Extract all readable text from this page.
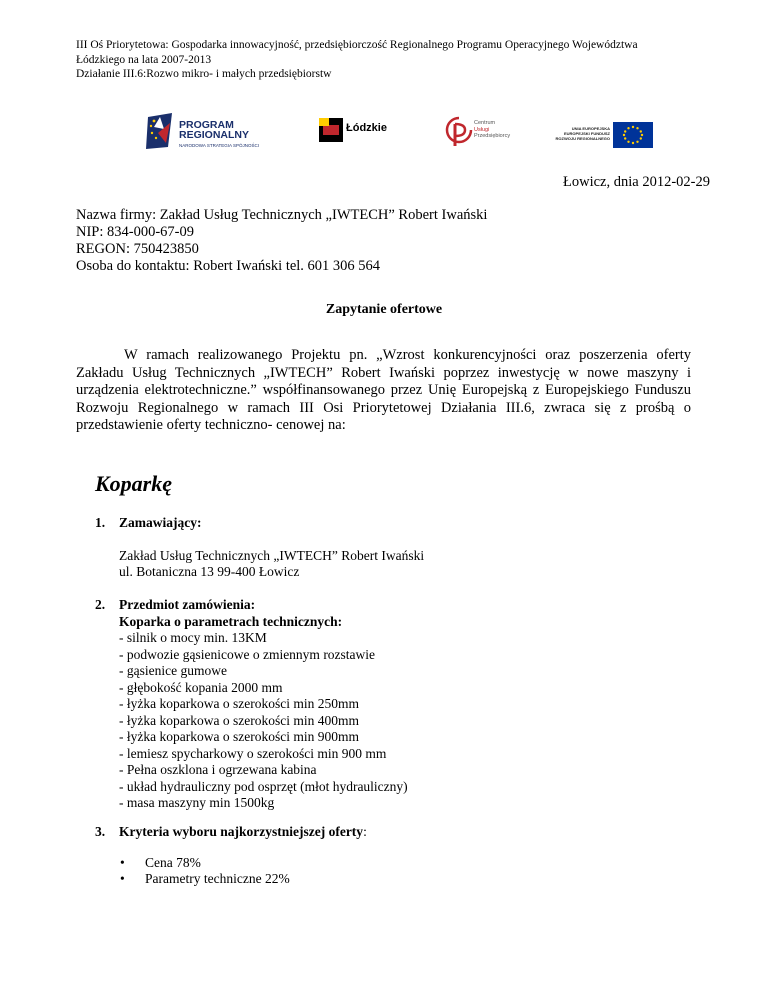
III Oś Priorytetowa: Gospodarka innowacyjność, przedsiębiorczość Regionalnego Programu Operacyjnego Województwa
Łódzkiego na lata 2007-2013
Działanie III.6:Rozwo mikro- i małych przedsiębiorstw
PROGRAM
REGIONALNY
NARODOWA STRATEGIA SPÓJNOŚCI
Łódzkie	Centrum
Usługi
Przedsiębiorcy
UNIA EUROPEJSKA
EUROPEJSKI FUNDUSZ
ROZWOJU REGIONALNEGO
Łowicz, dnia 2012-02-29
Nazwa firmy: Zakład Usług Technicznych „IWTECH” Robert Iwański
NIP: 834-000-67-09
REGON: 750423850
Osoba do kontaktu: Robert Iwański tel. 601 306 564
Zapytanie ofertowe
W ramach realizowanego Projektu pn. „Wzrost konkurencyjności oraz poszerzenia oferty Zakładu Usług Technicznych „IWTECH” Robert Iwański poprzez inwestycję w nowe maszyny i urządzenia elektrotechniczne.” współfinansowanego przez Unię Europejską z Europejskiego Funduszu Rozwoju Regionalnego w ramach III Osi Priorytetowej Działania III.6, zwraca się z prośbą o przedstawienie oferty techniczno- cenowej na:
Koparkę
1. Zamawiający:
Zakład Usług Technicznych „IWTECH” Robert Iwański
ul. Botaniczna 13 99-400 Łowicz
2. Przedmiot zamówienia:
Koparka o parametrach technicznych:
- silnik o mocy min. 13KM
- podwozie gąsienicowe o zmiennym rozstawie
- gąsienice gumowe
- głębokość kopania 2000 mm
- łyżka koparkowa o szerokości min 250mm
- łyżka koparkowa o szerokości min 400mm
- łyżka koparkowa o szerokości min 900mm
- lemiesz spycharkowy o szerokości min 900 mm
- Pełna oszklona i ogrzewana kabina
- układ hydrauliczny pod osprzęt (młot hydrauliczny)
- masa maszyny min 1500kg
3. Kryteria wyboru najkorzystniejszej oferty:
• Cena 78%
• Parametry techniczne 22%
